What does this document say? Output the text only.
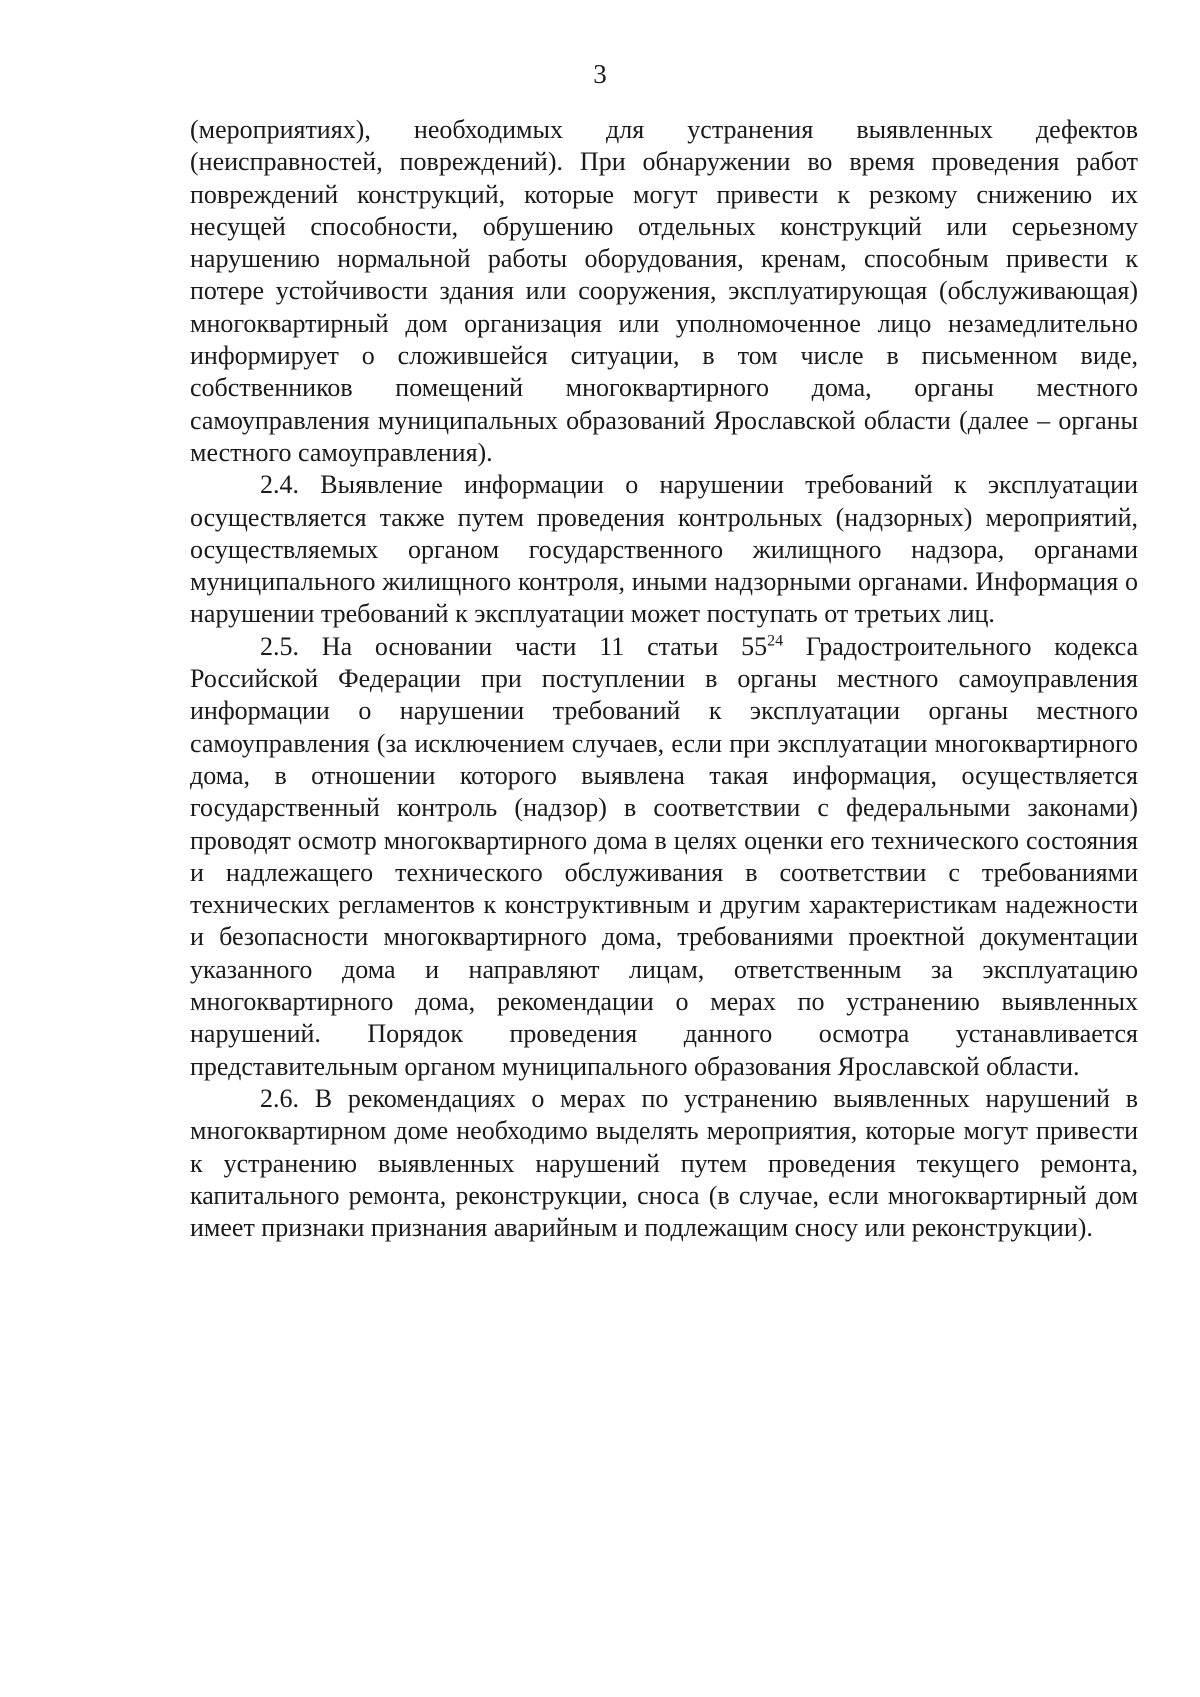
3

(мероприятиях), необходимых для устранения выявленных дефектов (неисправностей, повреждений). При обнаружении во время проведения работ повреждений конструкций, которые могут привести к резкому снижению их несущей способности, обрушению отдельных конструкций или серьезному нарушению нормальной работы оборудования, кренам, способным привести к потере устойчивости здания или сооружения, эксплуатирующая (обслуживающая) многоквартирный дом организация или уполномоченное лицо незамедлительно информирует о сложившейся ситуации, в том числе в письменном виде, собственников помещений многоквартирного дома, органы местного самоуправления муниципальных образований Ярославской области (далее – органы местного самоуправления).

2.4. Выявление информации о нарушении требований к эксплуатации осуществляется также путем проведения контрольных (надзорных) мероприятий, осуществляемых органом государственного жилищного надзора, органами муниципального жилищного контроля, иными надзорными органами. Информация о нарушении требований к эксплуатации может поступать от третьих лиц.

2.5. На основании части 11 статьи $55^{24}$ Градостроительного кодекса Российской Федерации при поступлении в органы местного самоуправления информации о нарушении требований к эксплуатации органы местного самоуправления (за исключением случаев, если при эксплуатации многоквартирного дома, в отношении которого выявлена такая информация, осуществляется государственный контроль (надзор) в соответствии с федеральными законами) проводят осмотр многоквартирного дома в целях оценки его технического состояния и надлежащего технического обслуживания в соответствии с требованиями технических регламентов к конструктивным и другим характеристикам надежности и безопасности многоквартирного дома, требованиями проектной документации указанного дома и направляют лицам, ответственным за эксплуатацию многоквартирного дома, рекомендации о мерах по устранению выявленных нарушений. Порядок проведения данного осмотра устанавливается представительным органом муниципального образования Ярославской области.

2.6. В рекомендациях о мерах по устранению выявленных нарушений в многоквартирном доме необходимо выделять мероприятия, которые могут привести к устранению выявленных нарушений путем проведения текущего ремонта, капитального ремонта, реконструкции, сноса (в случае, если многоквартирный дом имеет признаки признания аварийным и подлежащим сносу или реконструкции).
